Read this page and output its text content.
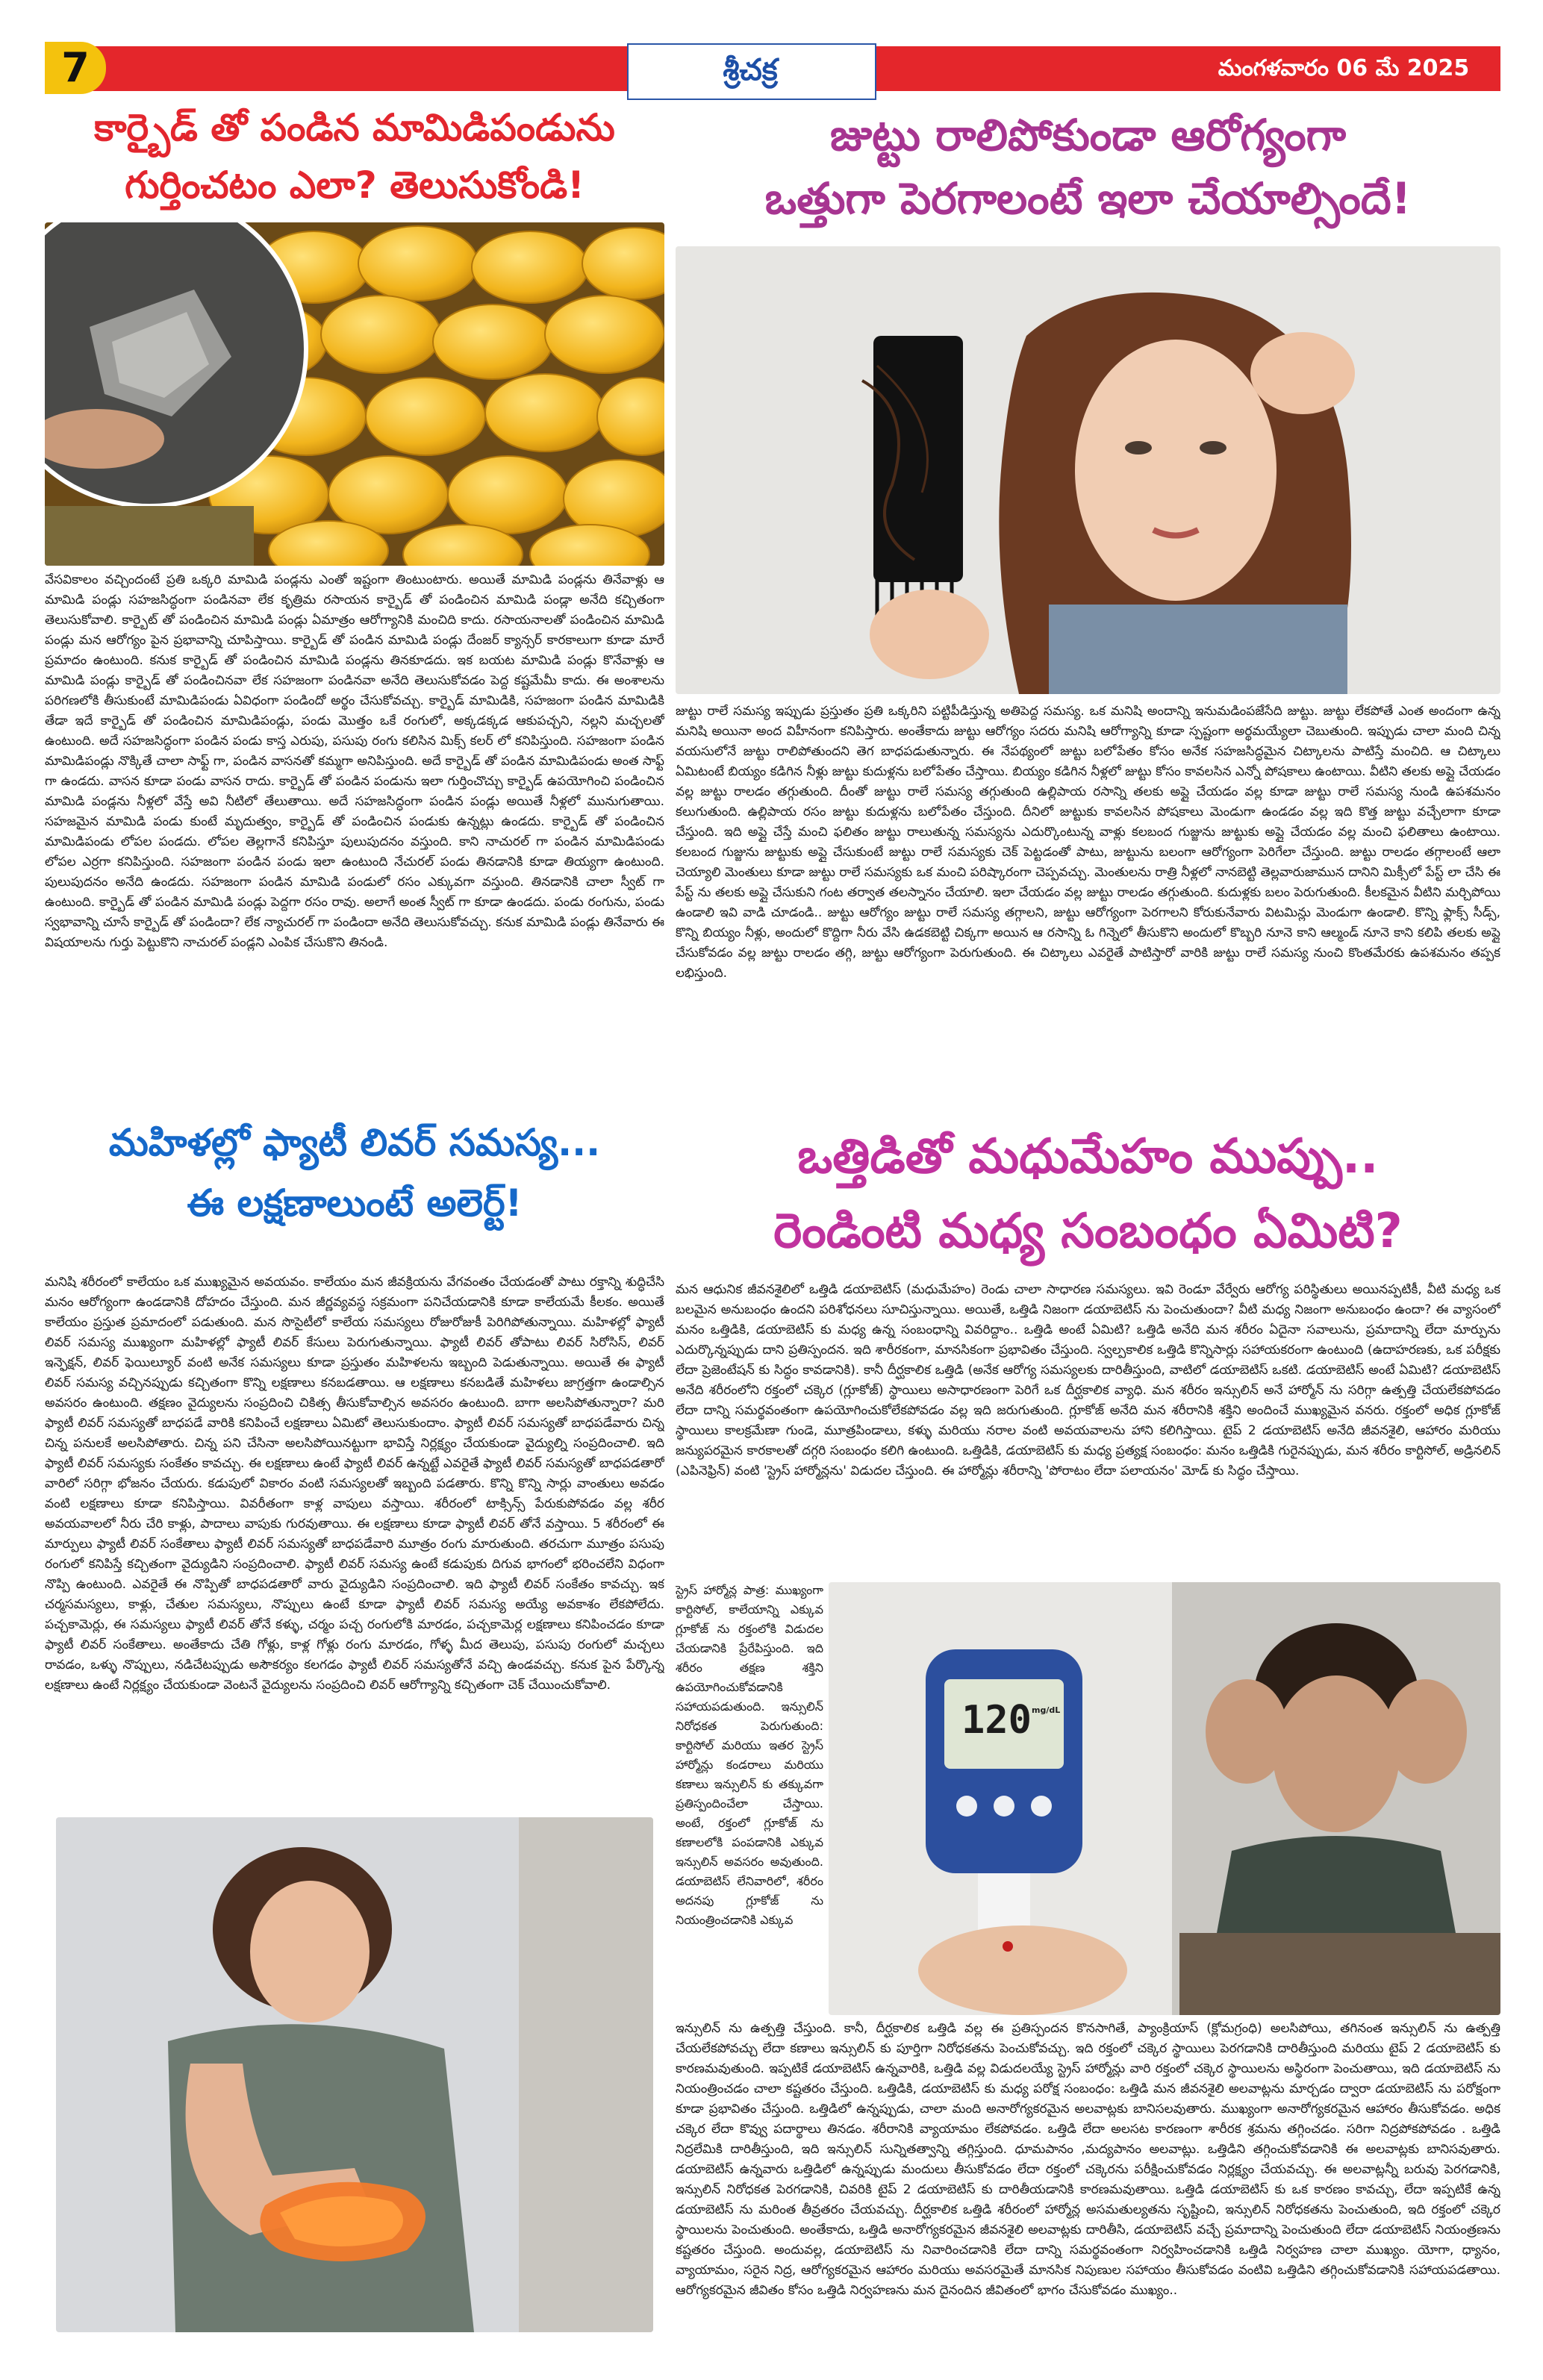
7	శ్రీచక్ర	మంగళవారం 06 మే 2025
కార్బైడ్ తో పండిన మామిడిపండును
గుర్తించటం ఎలా? తెలుసుకోండి!
వేసవికాలం వచ్చిందంటే ప్రతి ఒక్కరి మామిడి పండ్లను ఎంతో ఇష్టంగా తింటుంటారు. అయితే మామిడి పండ్లను తినేవాళ్లు ఆ మామిడి పండ్లు సహజసిద్ధంగా పండినవా లేక కృత్రిమ రసాయన కార్బైడ్ తో పండించిన మామిడి పండ్లా అనేది కచ్చితంగా తెలుసుకోవాలి. కార్బైట్ తో పండించిన మామిడి పండ్లు ఏమాత్రం ఆరోగ్యానికి మంచిది కాదు. రసాయనాలతో పండించిన మామిడి పండ్లు మన ఆరోగ్యం పైన ప్రభావాన్ని చూపిస్తాయి. కార్బైడ్ తో పండిన మామిడి పండ్లు దేంజర్ క్యాన్సర్ కారకాలుగా కూడా మారే ప్రమాదం ఉంటుంది. కనుక కార్బైడ్ తో పండించిన మామిడి పండ్లను తినకూడదు. ఇక బయట మామిడి పండ్లు కొనేవాళ్లు ఆ మామిడి పండ్లు కార్బైడ్ తో పండించినవా లేక సహజంగా పండినవా అనేది తెలుసుకోవడం పెద్ద కష్టమేమీ కాదు. ఈ అంశాలను పరిగణలోకి తీసుకుంటే మామిడిపండు ఏవిధంగా పండిందో అర్థం చేసుకోవచ్చు. కార్బైడ్ మామిడికి, సహజంగా పండిన మామిడికి తేడా ఇదే కార్బైడ్ తో పండించిన మామిడిపండ్లు, పండు మొత్తం ఒకే రంగులో, అక్కడక్కడ ఆకుపచ్చని, నల్లని మచ్చలతో ఉంటుంది. అదే సహజసిద్ధంగా పండిన పండు కాస్త ఎరుపు, పసుపు రంగు కలిసిన మిక్స్ కలర్ లో కనిపిస్తుంది. సహజంగా పండిన మామిడిపండ్లు నొక్కితే చాలా సాఫ్ట్ గా, పండిన వాసనతో కమ్మగా అనిపిస్తుంది. అదే కార్బైడ్ తో పండిన మామిడిపండు అంత సాఫ్ట్ గా ఉండదు. వాసన కూడా పండు వాసన రాదు. కార్బైడ్ తో పండిన పండును ఇలా గుర్తించొచ్చు కార్బైడ్ ఉపయోగించి పండించిన మామిడి పండ్లను నీళ్లలో వేస్తే అవి నీటిలో తేలుతాయి. అదే సహజసిద్ధంగా పండిన పండ్లు అయితే నీళ్లలో మునుగుతాయి. సహజమైన మామిడి పండు కుంటే మృదుత్వం, కార్బైడ్ తో పండించిన పండుకు ఉన్నట్లు ఉండదు. కార్బైడ్ తో పండించిన మామిడిపండు లోపల పండదు. లోపల తెల్లగానే కనిపిస్తూ పులుపుదనం వస్తుంది. కాని నాచురల్ గా పండిన మామిడిపండు లోపల ఎర్రగా కనిపిస్తుంది. సహజంగా పండిన పండు ఇలా ఉంటుంది నేచురల్ పండు తినడానికి కూడా తియ్యగా ఉంటుంది. పులుపుదనం అనేది ఉండదు. సహజంగా పండిన మామిడి పండులో రసం ఎక్కువగా వస్తుంది. తినడానికి చాలా స్వీట్ గా ఉంటుంది. కార్బైడ్ తో పండిన మామిడి పండ్లు పెద్దగా రసం రావు. అలాగే అంత స్వీట్ గా కూడా ఉండదు. పండు రంగును, పండు స్వభావాన్ని చూసే కార్బైడ్ తో పండిందా? లేక న్యాచురల్ గా పండిందా అనేది తెలుసుకోవచ్చు. కనుక మామిడి పండ్లు తినేవారు ఈ విషయాలను గుర్తు పెట్టుకొని నాచురల్ పండ్లని ఎంపిక చేసుకొని తినండి.
జుట్టు రాలిపోకుండా ఆరోగ్యంగా
ఒత్తుగా పెరగాలంటే ఇలా చేయాల్సిందే!
జుట్టు రాలే సమస్య ఇప్పుడు ప్రస్తుతం ప్రతి ఒక్కరిని పట్టిపీడిస్తున్న అతిపెద్ద సమస్య. ఒక మనిషి అందాన్ని ఇనుమడింపజేసేది జుట్టు. జుట్టు లేకపోతే ఎంత అందంగా ఉన్న మనిషి అయినా అంద విహీనంగా కనిపిస్తారు. అంతేకాదు జుట్టు ఆరోగ్యం సదరు మనిషి ఆరోగ్యాన్ని కూడా స్పష్టంగా అర్థమయ్యేలా చెబుతుంది. ఇప్పుడు చాలా మంది చిన్న వయసులోనే జుట్టు రాలిపోతుందని తెగ బాధపడుతున్నారు. ఈ నేపథ్యంలో జుట్టు బలోపేతం కోసం అనేక సహజసిద్ధమైన చిట్కాలను పాటిస్తే మంచిది. ఆ చిట్కాలు ఏమిటంటే బియ్యం కడిగిన నీళ్లు జుట్టు కుదుళ్లను బలోపేతం చేస్తాయి. బియ్యం కడిగిన నీళ్లలో జుట్టు కోసం కావలసిన ఎన్నో పోషకాలు ఉంటాయి. వీటిని తలకు అప్లై చేయడం వల్ల జుట్టు రాలడం తగ్గుతుంది. దీంతో జుట్టు రాలే సమస్య తగ్గుతుంది ఉల్లిపాయ రసాన్ని తలకు అప్లై చేయడం వల్ల కూడా జుట్టు రాలే సమస్య నుండి ఉపశమనం కలుగుతుంది. ఉల్లిపాయ రసం జుట్టు కుదుళ్లను బలోపేతం చేస్తుంది. దీనిలో జుట్టుకు కావలసిన పోషకాలు మెండుగా ఉండడం వల్ల ఇది కొత్త జుట్టు వచ్చేలాగా కూడా చేస్తుంది. ఇది అప్లై చేస్తే మంచి ఫలితం జుట్టు రాలుతున్న సమస్యను ఎదుర్కొంటున్న వాళ్లు కలబంద గుజ్జును జుట్టుకు అప్లై చేయడం వల్ల మంచి ఫలితాలు ఉంటాయి. కలబంద గుజ్జును జుట్టుకు అప్లై చేసుకుంటే జుట్టు రాలే సమస్యకు చెక్ పెట్టడంతో పాటు, జుట్టును బలంగా ఆరోగ్యంగా పెరిగేలా చేస్తుంది. జుట్టు రాలడం తగ్గాలంటే ఆలా చెయ్యాలి మెంతులు కూడా జుట్టు రాలే సమస్యకు ఒక మంచి పరిష్కారంగా చెప్పవచ్చు. మెంతులను రాత్రి నీళ్లలో నానబెట్టి తెల్లవారుజామున దానిని మిక్సీలో పేస్ట్ లా చేసి ఈ పేస్ట్ ను తలకు అప్లై చేసుకుని గంట తర్వాత తలస్నానం చేయాలి. ఇలా చేయడం వల్ల జుట్టు రాలడం తగ్గుతుంది. కుదుళ్లకు బలం పెరుగుతుంది. కీలకమైన వీటిని మర్చిపోయి ఉండాలి ఇవి వాడి చూడండి.. జుట్టు ఆరోగ్యం జుట్టు రాలే సమస్య తగ్గాలని, జుట్టు ఆరోగ్యంగా పెరగాలని కోరుకునేవారు విటమిన్లు మెండుగా ఉండాలి. కొన్ని ఫ్లాక్స్ సీడ్స్, కొన్ని బియ్యం నీళ్లు, అందులో కొద్దిగా నీరు వేసి ఉడకబెట్టి చిక్కగా అయిన ఆ రసాన్ని ఓ గిన్నెలో తీసుకొని అందులో కొబ్బరి నూనె కాని ఆల్మండ్ నూనె కాని కలిపి తలకు అప్లై చేసుకోవడం వల్ల జుట్టు రాలడం తగ్గి, జుట్టు ఆరోగ్యంగా పెరుగుతుంది. ఈ చిట్కాలు ఎవరైతే పాటిస్తారో వారికి జుట్టు రాలే సమస్య నుంచి కొంతమేరకు ఉపశమనం తప్పక లభిస్తుంది.
మహిళల్లో ఫ్యాటీ లివర్ సమస్య...
ఈ లక్షణాలుంటే అలెర్ట్!
మనిషి శరీరంలో కాలేయం ఒక ముఖ్యమైన అవయవం. కాలేయం మన జీవక్రియను వేగవంతం చేయడంతో పాటు రక్తాన్ని శుద్ధిచేసి మనం ఆరోగ్యంగా ఉండడానికి దోహదం చేస్తుంది. మన జీర్ణవ్యవస్థ సక్రమంగా పనిచేయడానికి కూడా కాలేయమే కీలకం. అయితే కాలేయం ప్రస్తుత ప్రమాదంలో పడుతుంది. మన సొసైటీలో కాలేయ సమస్యలు రోజురోజుకీ పెరిగిపోతున్నాయి. మహిళల్లో ఫ్యాటీ లివర్ సమస్య ముఖ్యంగా మహిళల్లో ఫ్యాటీ లివర్ కేసులు పెరుగుతున్నాయి. ఫ్యాటీ లివర్ తోపాటు లివర్ సిరోసిస్, లివర్ ఇన్ఫెక్షన్, లివర్ ఫెయిల్యూర్ వంటి అనేక సమస్యలు కూడా ప్రస్తుతం మహిళలను ఇబ్బంది పెడుతున్నాయి. అయితే ఈ ఫ్యాటీ లివర్ సమస్య వచ్చినప్పుడు కచ్చితంగా కొన్ని లక్షణాలు కనబడతాయి. ఆ లక్షణాలు కనబడితే మహిళలు జాగ్రత్తగా ఉండాల్సిన అవసరం ఉంటుంది. తక్షణం వైద్యులను సంప్రదించి చికిత్స తీసుకోవాల్సిన అవసరం ఉంటుంది. బాగా అలసిపోతున్నారా? మరి ఫ్యాటీ లివర్ సమస్యతో బాధపడే వారికి కనిపించే లక్షణాలు ఏమిటో తెలుసుకుందాం. ఫ్యాటీ లివర్ సమస్యతో బాధపడేవారు చిన్న చిన్న పనులకే అలసిపోతారు. చిన్న పని చేసినా అలసిపోయినట్టుగా భావిస్తే నిర్లక్ష్యం చేయకుండా వైద్యుల్ని సంప్రదించాలి. ఇది ఫ్యాటీ లివర్ సమస్యకు సంకేతం కావచ్చు. ఈ లక్షణాలు ఉంటే ఫ్యాటీ లివర్ ఉన్నట్టే ఎవరైతే ఫ్యాటీ లివర్ సమస్యతో బాధపడతారో వారిలో సరిగ్గా భోజనం చేయరు. కడుపులో వికారం వంటి సమస్యలతో ఇబ్బంది పడతారు. కొన్ని కొన్ని సార్లు వాంతులు అవడం వంటి లక్షణాలు కూడా కనిపిస్తాయి. వివరీతంగా కాళ్ల వాపులు వస్తాయి. శరీరంలో టాక్సిన్స్ పేరుకుపోవడం వల్ల శరీర అవయవాలలో నీరు చేరి కాళ్లు, పాదాలు వాపుకు గురవుతాయి. ఈ లక్షణాలు కూడా ఫ్యాటీ లివర్ తోనే వస్తాయి. 5 శరీరంలో ఈ మార్పులు ఫ్యాటీ లివర్ సంకేతాలు ఫ్యాటీ లివర్ సమస్యతో బాధపడేవారి మూత్రం రంగు మారుతుంది. తరచుగా మూత్రం పసుపు రంగులో కనిపిస్తే కచ్చితంగా వైద్యుడిని సంప్రదించాలి. ఫ్యాటీ లివర్ సమస్య ఉంటే కడుపుకు దిగువ భాగంలో భరించలేని విధంగా నొప్పి ఉంటుంది. ఎవరైతే ఈ నొప్పితో బాధపడతారో వారు వైద్యుడిని సంప్రదించాలి. ఇది ఫ్యాటీ లివర్ సంకేతం కావచ్చు. ఇక చర్మసమస్యలు, కాళ్లు, చేతుల సమస్యలు, నొప్పులు ఉంటే కూడా ఫ్యాటీ లివర్ సమస్య అయ్యే అవకాశం లేకపోలేదు. పచ్చకామెర్లు, ఈ సమస్యలు ఫ్యాటీ లివర్ తోనే కళ్ళు, చర్మం పచ్చ రంగులోకి మారడం, పచ్చకామెర్ల లక్షణాలు కనిపించడం కూడా ఫ్యాటీ లివర్ సంకేతాలు. అంతేకాదు చేతి గోళ్లు, కాళ్ల గోళ్లు రంగు మారడం, గోళ్ళ మీద తెలుపు, పసుపు రంగులో మచ్చలు రావడం, ఒళ్ళు నొప్పులు, నడిచేటప్పుడు అసౌకర్యం కలగడం ఫ్యాటీ లివర్ సమస్యతోనే వచ్చి ఉండవచ్చు. కనుక పైన పేర్కొన్న లక్షణాలు ఉంటే నిర్లక్ష్యం చేయకుండా వెంటనే వైద్యులను సంప్రదించి లివర్ ఆరోగ్యాన్ని కచ్చితంగా చెక్ చేయించుకోవాలి.
ఒత్తిడితో మధుమేహం ముప్పు..
రెండింటి మధ్య సంబంధం ఏమిటి?
మన ఆధునిక జీవనశైలిలో ఒత్తిడి డయాబెటిస్ (మధుమేహం) రెండు చాలా సాధారణ సమస్యలు. ఇవి రెండూ వేర్వేరు ఆరోగ్య పరిస్థితులు అయినప్పటికీ, వీటి మధ్య ఒక బలమైన అనుబంధం ఉందని పరిశోధనలు సూచిస్తున్నాయి. అయితే, ఒత్తిడి నిజంగా డయాబెటిస్ ను పెంచుతుందా? వీటి మధ్య నిజంగా అనుబంధం ఉందా? ఈ వ్యాసంలో మనం ఒత్తిడికి, డయాబెటిస్ కు మధ్య ఉన్న సంబంధాన్ని వివరిద్దాం.. ఒత్తిడి అంటే ఏమిటి? ఒత్తిడి అనేది మన శరీరం ఏదైనా సవాలును, ప్రమాదాన్ని లేదా మార్పును ఎదుర్కొన్నప్పుడు దాని ప్రతిస్పందన. ఇది శారీరకంగా, మానసికంగా ప్రభావితం చేస్తుంది. స్వల్పకాలిక ఒత్తిడి కొన్నిసార్లు సహాయకరంగా ఉంటుంది (ఉదాహరణకు, ఒక పరీక్షకు లేదా ప్రెజెంటేషన్ కు సిద్ధం కావడానికి). కానీ దీర్ఘకాలిక ఒత్తిడి (అనేక ఆరోగ్య సమస్యలకు దారితీస్తుంది, వాటిలో డయాబెటిస్ ఒకటి. డయాబెటిస్ అంటే ఏమిటి? డయాబెటిస్ అనేది శరీరంలోని రక్తంలో చక్కెర (గ్లూకోజ్) స్థాయిలు అసాధారణంగా పెరిగే ఒక దీర్ఘకాలిక వ్యాధి. మన శరీరం ఇన్సులిన్ అనే హార్మోన్ ను సరిగ్గా ఉత్పత్తి చేయలేకపోవడం లేదా దాన్ని సమర్థవంతంగా ఉపయోగించుకోలేకపోవడం వల్ల ఇది జరుగుతుంది. గ్లూకోజ్ అనేది మన శరీరానికి శక్తిని అందించే ముఖ్యమైన వనరు. రక్తంలో అధిక గ్లూకోజ్ స్థాయిలు కాలక్రమేణా గుండె, మూత్రపిండాలు, కళ్ళు మరియు నరాల వంటి అవయవాలను హాని కలిగిస్తాయి. టైప్ 2 డయాబెటిస్ అనేది జీవనశైలి, ఆహారం మరియు జన్యుపరమైన కారకాలతో దగ్గరి సంబంధం కలిగి ఉంటుంది. ఒత్తిడికి, డయాబెటిస్ కు మధ్య ప్రత్యక్ష సంబంధం: మనం ఒత్తిడికి గురైనప్పుడు, మన శరీరం కార్టిసోల్, అడ్రినలిన్ (ఎపినెఫ్రిన్) వంటి 'స్ట్రెస్ హార్మోన్లను' విడుదల చేస్తుంది. ఈ హార్మోన్లు శరీరాన్ని 'పోరాటం లేదా పలాయనం' మోడ్ కు సిద్ధం చేస్తాయి.
స్ట్రెస్ హార్మోన్ల పాత్ర: ముఖ్యంగా కార్టిసోల్, కాలేయాన్ని ఎక్కువ గ్లూకోజ్ ను రక్తంలోకి విడుదల చేయడానికి ప్రేరేపిస్తుంది. ఇది శరీరం తక్షణ శక్తిని ఉపయోగించుకోవడానికి సహాయపడుతుంది. ఇన్సులిన్ నిరోధకత పెరుగుతుంది: కార్టిసోల్ మరియు ఇతర స్ట్రెస్ హార్మోన్లు కండరాలు మరియు కణాలు ఇన్సులిన్ కు తక్కువగా ప్రతిస్పందించేలా చేస్తాయి. అంటే, రక్తంలో గ్లూకోజ్ ను కణాలలోకి పంపడానికి ఎక్కువ ఇన్సులిన్ అవసరం అవుతుంది. డయాబెటిస్ లేనివారిలో, శరీరం అదనపు గ్లూకోజ్ ను నియంత్రించడానికి ఎక్కువ
120 mg/dL
ఇన్సులిన్ ను ఉత్పత్తి చేస్తుంది. కానీ, దీర్ఘకాలిక ఒత్తిడి వల్ల ఈ ప్రతిస్పందన కొనసాగితే, ప్యాంక్రియాస్ (క్లోమగ్రంధి) అలసిపోయి, తగినంత ఇన్సులిన్ ను ఉత్పత్తి చేయలేకపోవచ్చు లేదా కణాలు ఇన్సులిన్ కు పూర్తిగా నిరోధకతను పెంచుకోవచ్చు. ఇది రక్తంలో చక్కెర స్థాయిలు పెరగడానికి దారితీస్తుంది మరియు టైప్ 2 డయాబెటిస్ కు కారణమవుతుంది. ఇప్పటికే డయాబెటిస్ ఉన్నవారికి, ఒత్తిడి వల్ల విడుదలయ్యే స్ట్రెస్ హార్మోన్లు వారి రక్తంలో చక్కెర స్థాయిలను అస్థిరంగా పెంచుతాయి, ఇది డయాబెటిస్ ను నియంత్రించడం చాలా కష్టతరం చేస్తుంది. ఒత్తిడికి, డయాబెటిస్ కు మధ్య పరోక్ష సంబంధం: ఒత్తిడి మన జీవనశైలి అలవాట్లను మార్చడం ద్వారా డయాబెటిస్ ను పరోక్షంగా కూడా ప్రభావితం చేస్తుంది. ఒత్తిడిలో ఉన్నప్పుడు, చాలా మంది అనారోగ్యకరమైన అలవాట్లకు బానిసలవుతారు. ముఖ్యంగా అనారోగ్యకరమైన ఆహారం తీసుకోవడం. అధిక చక్కెర లేదా కొవ్వు పదార్థాలు తినడం. శరీరానికి వ్యాయామం లేకపోవడం. ఒత్తిడి లేదా అలసట కారణంగా శారీరక శ్రమను తగ్గించడం. సరిగా నిద్రపోకపోవడం . ఒత్తిడి నిద్రలేమికి దారితీస్తుంది, ఇది ఇన్సులిన్ సున్నితత్వాన్ని తగ్గిస్తుంది. ధూమపానం ,మద్యపానం అలవాట్లు. ఒత్తిడిని తగ్గించుకోవడానికి ఈ అలవాట్లకు బానిసవుతారు. డయాబెటిస్ ఉన్నవారు ఒత్తిడిలో ఉన్నప్పుడు మందులు తీసుకోవడం లేదా రక్తంలో చక్కెరను పరీక్షించుకోవడం నిర్లక్ష్యం చేయవచ్చు. ఈ అలవాట్లన్నీ బరువు పెరగడానికి, ఇన్సులిన్ నిరోధకత పెరగడానికి, చివరికి టైప్ 2 డయాబెటిస్ కు దారితీయడానికి కారణమవుతాయి. ఒత్తిడి డయాబెటిస్ కు ఒక కారణం కావచ్చు, లేదా ఇప్పటికే ఉన్న డయాబెటిస్ ను మరింత తీవ్రతరం చేయవచ్చు. దీర్ఘకాలిక ఒత్తిడి శరీరంలో హార్మోన్ల అసమతుల్యతను సృష్టించి, ఇన్సులిన్ నిరోధకతను పెంచుతుంది, ఇది రక్తంలో చక్కెర స్థాయిలను పెంచుతుంది. అంతేకాదు, ఒత్తిడి అనారోగ్యకరమైన జీవనశైలి అలవాట్లకు దారితీసి, డయాబెటిస్ వచ్చే ప్రమాదాన్ని పెంచుతుంది లేదా డయాబెటిస్ నియంత్రణను కష్టతరం చేస్తుంది. అందువల్ల, డయాబెటిస్ ను నివారించడానికి లేదా దాన్ని సమర్థవంతంగా నిర్వహించడానికి ఒత్తిడి నిర్వహణ చాలా ముఖ్యం. యోగా, ధ్యానం, వ్యాయామం, సరైన నిద్ర, ఆరోగ్యకరమైన ఆహారం మరియు అవసరమైతే మానసిక నిపుణుల సహాయం తీసుకోవడం వంటివి ఒత్తిడిని తగ్గించుకోవడానికి సహాయపడతాయి. ఆరోగ్యకరమైన జీవితం కోసం ఒత్తిడి నిర్వహణను మన దైనందిన జీవితంలో భాగం చేసుకోవడం ముఖ్యం..
